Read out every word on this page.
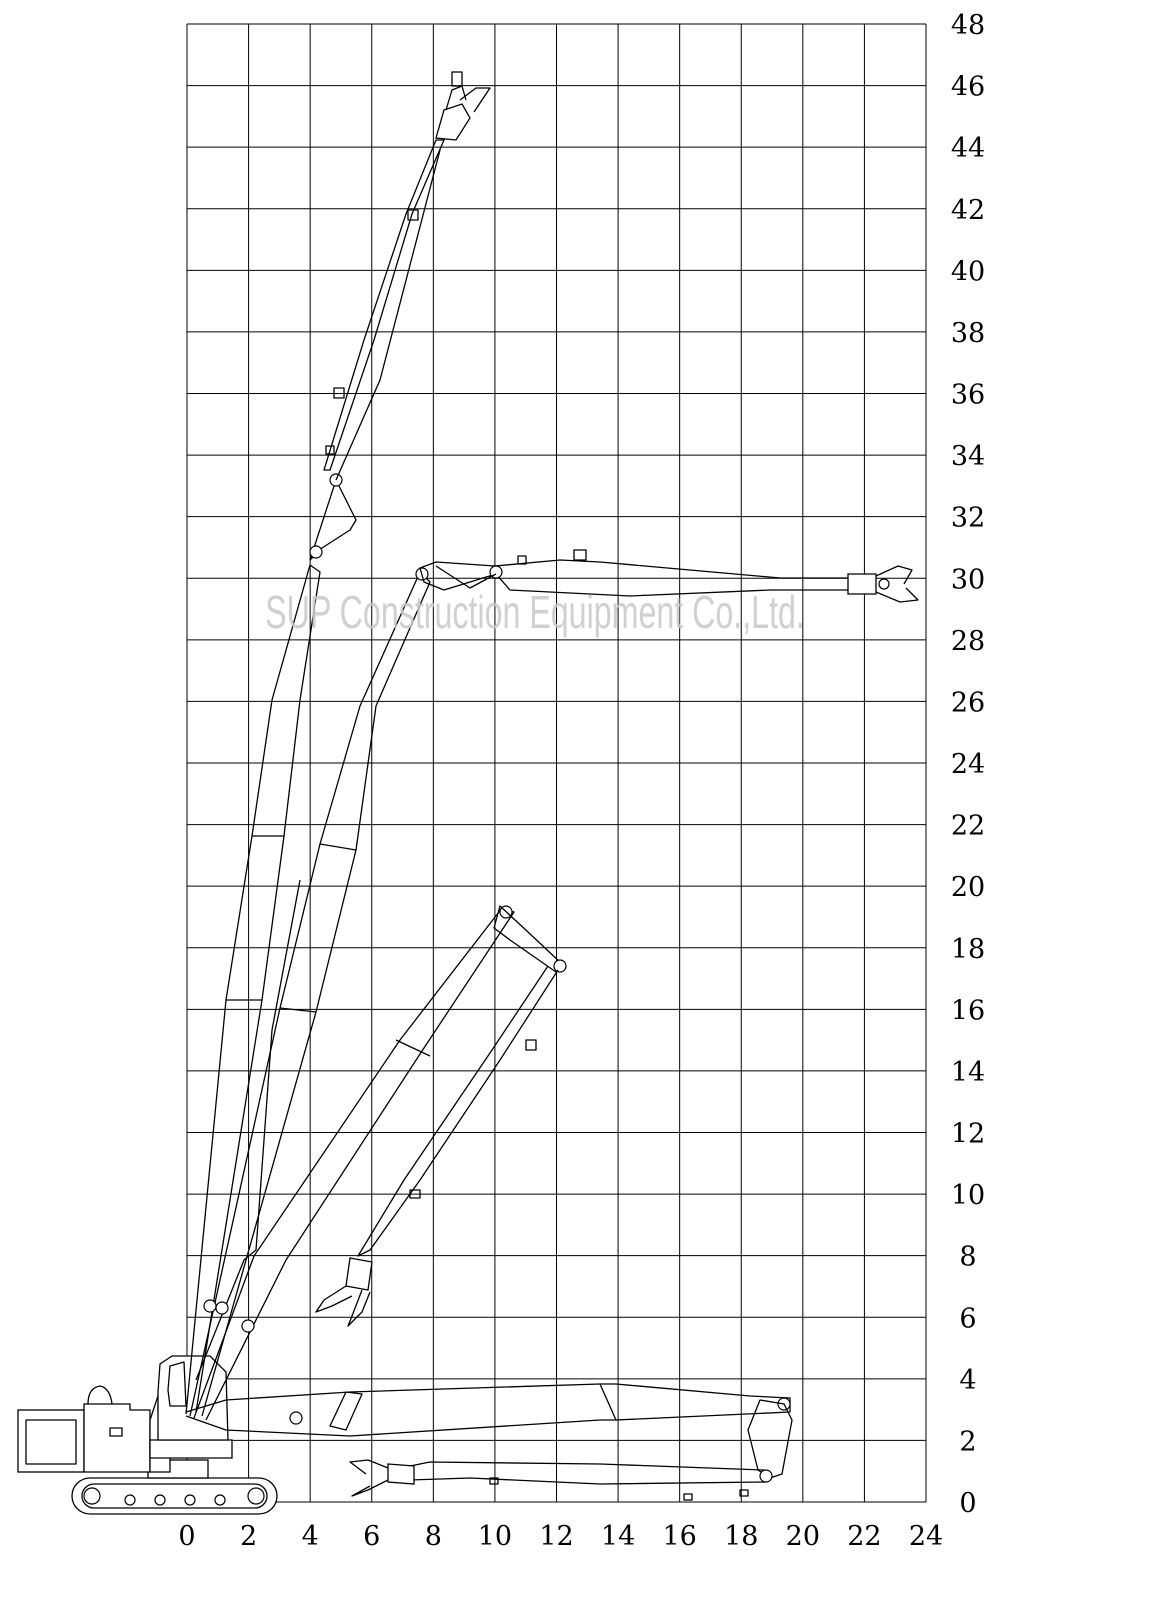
0 2 4 6 8 10 12 14 16 18 20 22 24
0
2
4
6
8
10
12
14
16
18
20
22
24
26
28
30
32
34
36
38
40
42
44
46
48
SUP Construction Equipment Co.,Ltd.
